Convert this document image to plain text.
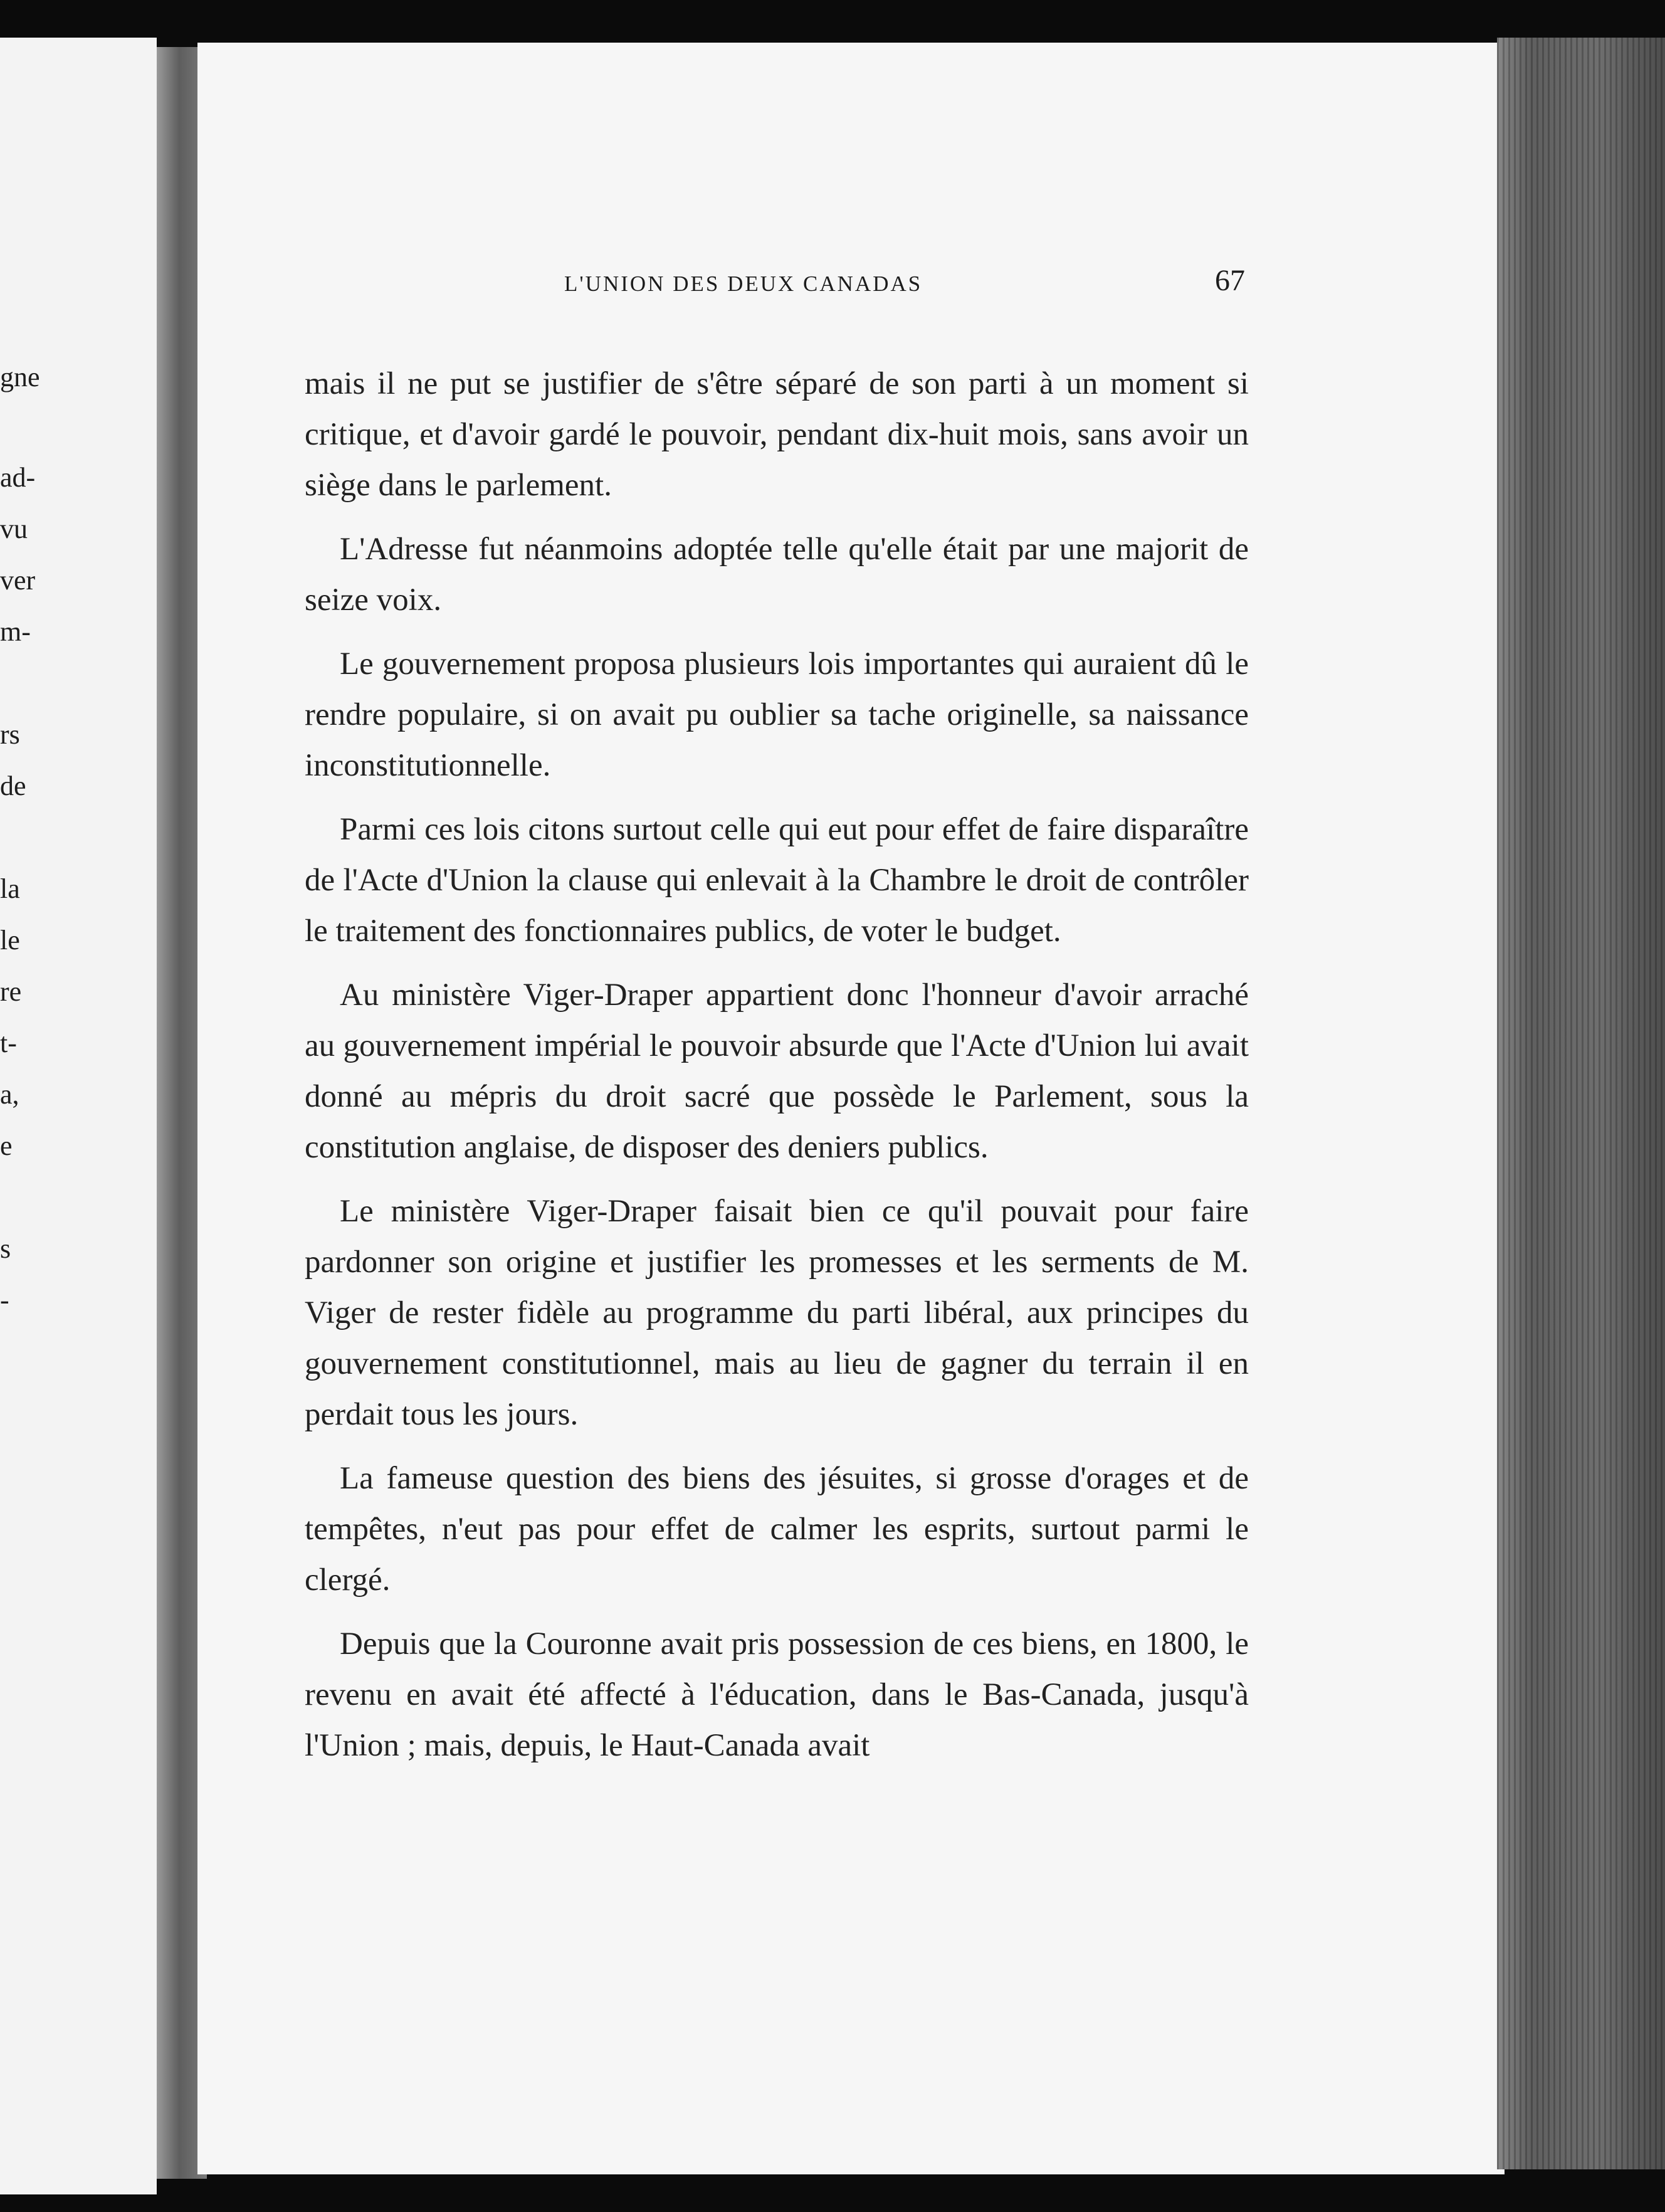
gne
ad-
vu
ver
m-
rs
de
la
le
re
t-
a,
e
s
-
L'UNION DES DEUX CANADAS	67

mais il ne put se justifier de s'être séparé de son parti à un moment si critique, et d'avoir gardé le pouvoir, pendant dix-huit mois, sans avoir un siège dans le parlement.

L'Adresse fut néanmoins adoptée telle qu'elle était par une majorit de seize voix.

Le gouvernement proposa plusieurs lois importantes qui auraient dû le rendre populaire, si on avait pu oublier sa tache originelle, sa naissance inconstitutionnelle.

Parmi ces lois citons surtout celle qui eut pour effet de faire disparaître de l'Acte d'Union la clause qui enlevait à la Chambre le droit de contrôler le traitement des fonctionnaires publics, de voter le budget.

Au ministère Viger-Draper appartient donc l'honneur d'avoir arraché au gouvernement impérial le pouvoir absurde que l'Acte d'Union lui avait donné au mépris du droit sacré que possède le Parlement, sous la constitution anglaise, de disposer des deniers publics.

Le ministère Viger-Draper faisait bien ce qu'il pouvait pour faire pardonner son origine et justifier les promesses et les serments de M. Viger de rester fidèle au programme du parti libéral, aux principes du gouvernement constitutionnel, mais au lieu de gagner du terrain il en perdait tous les jours.

La fameuse question des biens des jésuites, si grosse d'orages et de tempêtes, n'eut pas pour effet de calmer les esprits, surtout parmi le clergé.

Depuis que la Couronne avait pris possession de ces biens, en 1800, le revenu en avait été affecté à l'éducation, dans le Bas-Canada, jusqu'à l'Union ; mais, depuis, le Haut-Canada avait
